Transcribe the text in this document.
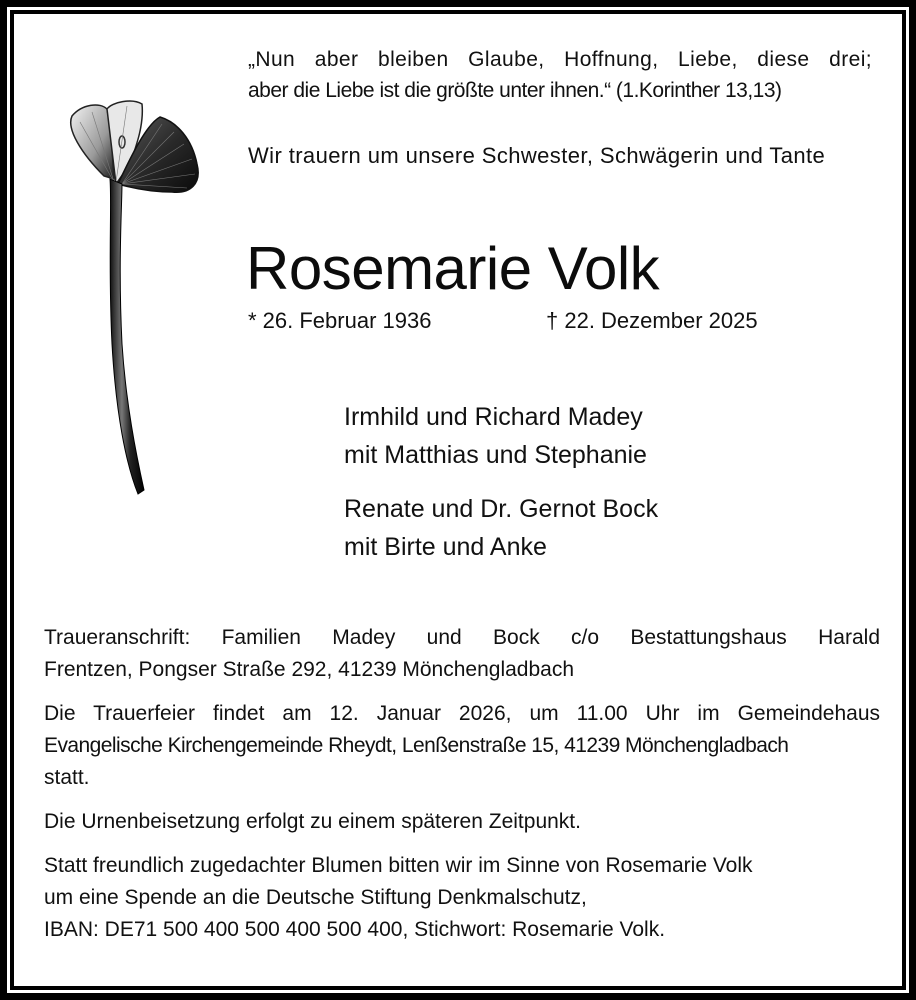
„Nun aber bleiben Glaube, Hoffnung, Liebe, diese drei;
aber die Liebe ist die größte unter ihnen.“ (1.Korinther 13,13)
Wir trauern um unsere Schwester, Schwägerin und Tante
Rosemarie Volk
* 26. Februar 1936	† 22. Dezember 2025
Irmhild und Richard Madey
mit Matthias und Stephanie
Renate und Dr. Gernot Bock
mit Birte und Anke

Traueranschrift: Familien Madey und Bock c/o Bestattungshaus Harald
Frentzen, Pongser Straße 292, 41239 Mönchengladbach

Die Trauerfeier findet am 12. Januar 2026, um 11.00 Uhr im Gemeindehaus
Evangelische Kirchengemeinde Rheydt, Lenßenstraße 15, 41239 Mönchengladbach
statt.

Die Urnenbeisetzung erfolgt zu einem späteren Zeitpunkt.

Statt freundlich zugedachter Blumen bitten wir im Sinne von Rosemarie Volk
um eine Spende an die Deutsche Stiftung Denkmalschutz,
IBAN: DE71 500 400 500 400 500 400, Stichwort: Rosemarie Volk.
